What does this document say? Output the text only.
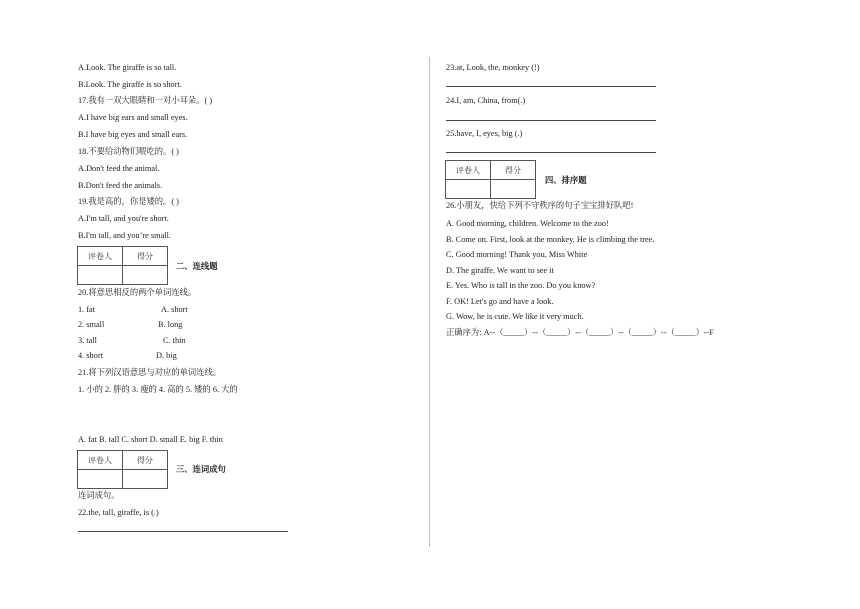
A.Look. The giraffe is so tall.
B.Look. The giraffe is so short.
17.我有一双大眼睛和一对小耳朵。( )
A.I have big ears and small eyes.
B.I have big eyes and small ears.
18.不要给动物们喂吃的。( )
A.Don't feed the animal.
B.Don't feed the animals.
19.我是高的，你是矮的。( )
A.I'm tall, and you're short.
B.I'm tall, and you’re small.
评卷人	得分

二、连线题
20.将意思相反的两个单词连线。
1. fat	A. short
2. small	B. long
3. tall	C. thin
4. short	D. big
21.将下列汉语意思与对应的单词连线。
1. 小的 2. 胖的 3. 瘦的 4. 高的 5. 矮的 6. 大的
A. fat B. tall C. short D. small E. big F. thin
评卷人	得分

三、连词成句
连词成句。
22.the, tall, giraffe, is (.)
23.at, Look, the, monkey (!)
24.I, am, China, from(.)
25.have, I, eyes, big (.)
评卷人	得分

四、排序题
26.小朋友，快给下列不守秩序的句子宝宝排好队吧!
A. Good morning, children. Welcome to the zoo!
B. Come on. First, look at the monkey. He is climbing the tree.
C. Good morning! Thank you, Miss White
D. The giraffe. We want to see it
E. Yes. Who is tall in the zoo. Do you know?
F. OK! Let's go and have a look.
G. Wow, he is cute. We like it very much.
正确序为: A--（_____）--（_____）--（_____）--（_____）--（_____）--F
